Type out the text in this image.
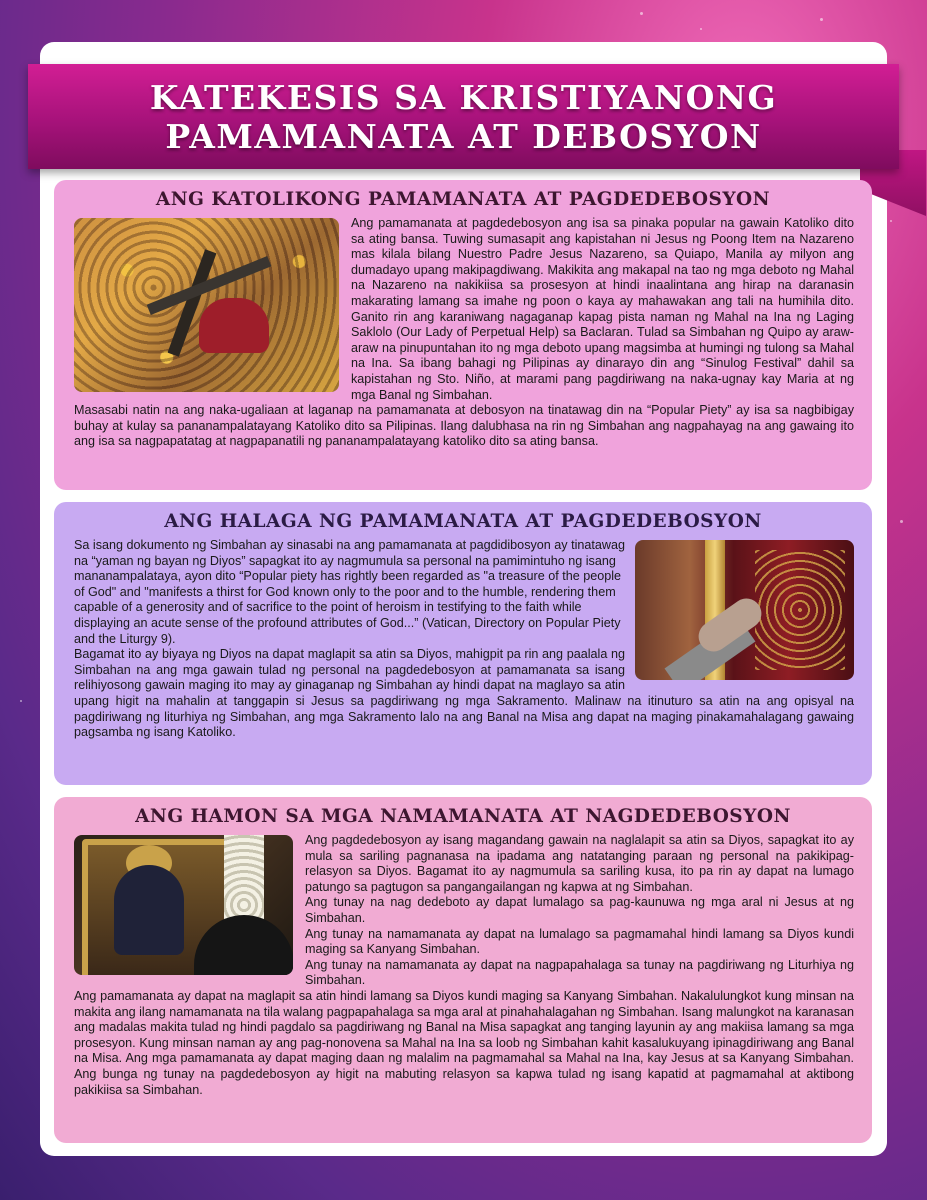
KATEKESIS SA KRISTIYANONG
PAMAMANATA AT DEBOSYON
ANG KATOLIKONG PAMAMANATA AT PAGDEDEBOSYON

Ang pamamanata at pagdedebosyon ang isa sa pinaka popular na gawain Katoliko dito sa ating bansa. Tuwing sumasapit ang kapistahan ni Jesus ng Poong Item na Nazareno mas kilala bilang Nuestro Padre Jesus Nazareno, sa Quiapo, Manila ay milyon ang dumadayo upang makipagdiwang. Makikita ang makapal na tao ng mga deboto ng Mahal na Nazareno na nakikiisa sa prosesyon at hindi inaalintana ang hirap na daranasin makarating lamang sa imahe ng poon o kaya ay mahawakan ang tali na humihila dito. Ganito rin ang karaniwang nagaganap kapag pista naman ng Mahal na Ina ng Laging Saklolo (Our Lady of Perpetual Help) sa Baclaran. Tulad sa Simbahan ng Quipo ay araw-araw na pinupuntahan ito ng mga deboto upang magsimba at humingi ng tulong sa Mahal na Ina. Sa ibang bahagi ng Pilipinas ay dinarayo din ang “Sinulog Festival” dahil sa kapistahan ng Sto. Niño, at marami pang pagdiriwang na naka-ugnay kay Maria at ng mga Banal ng Simbahan.

Masasabi natin na ang naka-ugaliaan at laganap na pamamanata at debosyon na tinatawag din na “Popular Piety” ay isa sa nagbibigay buhay at kulay sa pananampalatayang Katoliko dito sa Pilipinas. Ilang dalubhasa na rin ng Simbahan ang nagpahayag na ang gawaing ito ang isa sa nagpapatatag at nagpapanatili ng pananampalatayang katoliko dito sa ating bansa.

ANG HALAGA NG PAMAMANATA AT PAGDEDEBOSYON

Sa isang dokumento ng Simbahan ay sinasabi na ang pamamanata at pagdidibosyon ay tinatawag na “yaman ng bayan ng Diyos” sapagkat ito ay nagmumula sa personal na pamimintuho ng isang mananampalataya, ayon dito “Popular piety has rightly been regarded as "a treasure of the people of God" and "manifests a thirst for God known only to the poor and to the humble, rendering them capable of a generosity and of sacrifice to the point of heroism in testifying to the faith while displaying an acute sense of the profound attributes of God...” (Vatican, Directory on Popular Piety and the Liturgy 9).

Bagamat ito ay biyaya ng Diyos na dapat maglapit sa atin sa Diyos, mahigpit pa rin ang paalala ng Simbahan na ang mga gawain tulad ng personal na pagdedebosyon at pamamanata sa isang relihiyosong gawain maging ito may ay ginaganap ng Simbahan ay hindi dapat na maglayo sa atin upang higit na mahalin at tanggapin si Jesus sa pagdiriwang ng mga Sakramento. Malinaw na itinuturo sa atin na ang opisyal na pagdiriwang ng liturhiya ng Simbahan, ang mga Sakramento lalo na ang Banal na Misa ang dapat na maging pinakamahalagang gawaing pagsamba ng isang Katoliko.

ANG HAMON SA MGA NAMAMANATA AT NAGDEDEBOSYON

Ang pagdedebosyon ay isang magandang gawain na naglalapit sa atin sa Diyos, sapagkat ito ay mula sa sariling pagnanasa na ipadama ang natatanging paraan ng personal na pakikipag-relasyon sa Diyos. Bagamat ito ay nagmumula sa sariling kusa, ito pa rin ay dapat na lumago patungo sa pagtugon sa pangangailangan ng kapwa at ng Simbahan.

Ang tunay na nag dedeboto ay dapat lumalago sa pag-kaunuwa ng mga aral ni Jesus at ng Simbahan.

Ang tunay na namamanata ay dapat na lumalago sa pagmamahal hindi lamang sa Diyos kundi maging sa Kanyang Simbahan.

Ang tunay na namamanata ay dapat na nagpapahalaga sa tunay na pagdiriwang ng Liturhiya ng Simbahan.

Ang pamamanata ay dapat na maglapit sa atin hindi lamang sa Diyos kundi maging sa Kanyang Simbahan. Nakalulungkot kung minsan na makita ang ilang namamanata na tila walang pagpapahalaga sa mga aral at pinahahalagahan ng Simbahan. Isang malungkot na karanasan ang madalas makita tulad ng hindi pagdalo sa pagdiriwang ng Banal na Misa sapagkat ang tanging layunin ay ang makiisa lamang sa mga prosesyon. Kung minsan naman ay ang pag-nonovena sa Mahal na Ina sa loob ng Simbahan kahit kasalukuyang ipinagdiriwang ang Banal na Misa. Ang mga pamamanata ay dapat maging daan ng malalim na pagmamahal sa Mahal na Ina, kay Jesus at sa Kanyang Simbahan. Ang bunga ng tunay na pagdedebosyon ay higit na mabuting relasyon sa kapwa tulad ng isang kapatid at pagmamahal at aktibong pakikiisa sa Simbahan.
